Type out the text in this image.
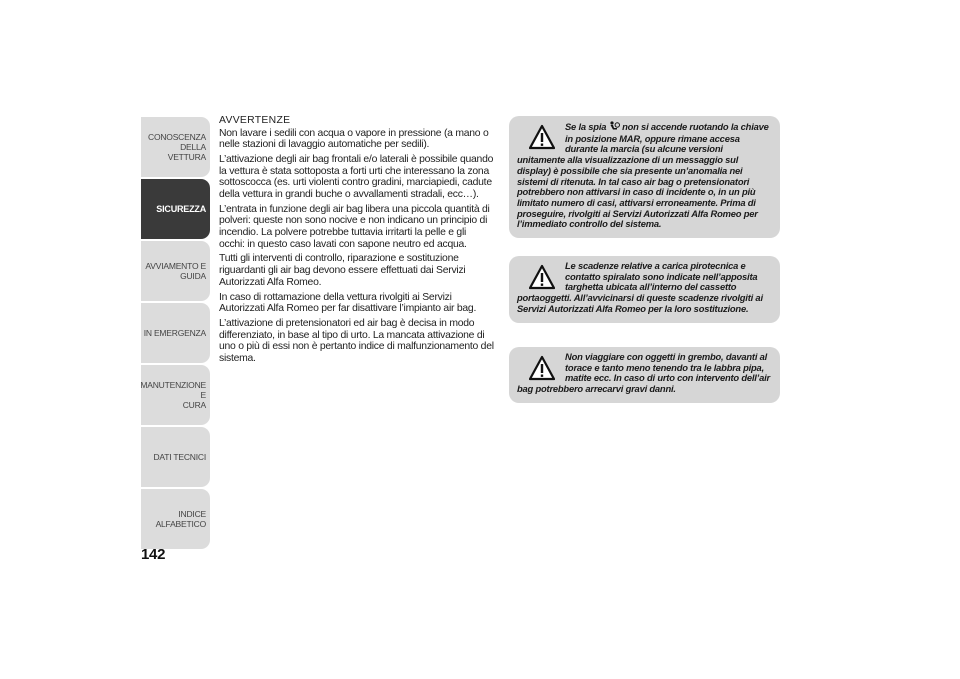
CONOSCENZA
DELLA VETTURA
SICUREZZA
AVVIAMENTO E
GUIDA
IN EMERGENZA
MANUTENZIONE E
CURA
DATI TECNICI
INDICE ALFABETICO
142

AVVERTENZE

Non lavare i sedili con acqua o vapore in pressione (a mano o nelle stazioni di lavaggio automatiche per sedili).

L’attivazione degli air bag frontali e/o laterali è possibile quando la vettura è stata sottoposta a forti urti che interessano la zona sottoscocca (es. urti violenti contro gradini, marciapiedi, cadute della vettura in grandi buche o avvallamenti stradali, ecc…).

L’entrata in funzione degli air bag libera una piccola quantità di polveri: queste non sono nocive e non indicano un principio di incendio. La polvere potrebbe tuttavia irritarti la pelle e gli occhi: in questo caso lavati con sapone neutro ed acqua.

Tutti gli interventi di controllo, riparazione e sostituzione riguardanti gli air bag devono essere effettuati dai Servizi Autorizzati Alfa Romeo.

In caso di rottamazione della vettura rivolgiti ai Servizi Autorizzati Alfa Romeo per far disattivare l’impianto air bag.

L’attivazione di pretensionatori ed air bag è decisa in modo differenziato, in base al tipo di urto. La mancata attivazione di uno o più di essi non è pertanto indice di malfunzionamento del sistema.

Se la spia  non si accende ruotando la chiave in posizione MAR, oppure rimane accesa durante la marcia (su alcune versioni unitamente alla visualizzazione di un messaggio sul display) è possibile che sia presente un’anomalia nei sistemi di ritenuta. In tal caso air bag o pretensionatori potrebbero non attivarsi in caso di incidente o, in un più limitato numero di casi, attivarsi erroneamente. Prima di proseguire, rivolgiti ai Servizi Autorizzati Alfa Romeo per l’immediato controllo del sistema.

Le scadenze relative a carica pirotecnica e contatto spiralato sono indicate nell’apposita targhetta ubicata all’interno del cassetto portaoggetti. All’avvicinarsi di queste scadenze rivolgiti ai Servizi Autorizzati Alfa Romeo per la loro sostituzione.

Non viaggiare con oggetti in grembo, davanti al torace e tanto meno tenendo tra le labbra pipa, matite ecc. In caso di urto con intervento dell’air bag potrebbero arrecarvi gravi danni.
